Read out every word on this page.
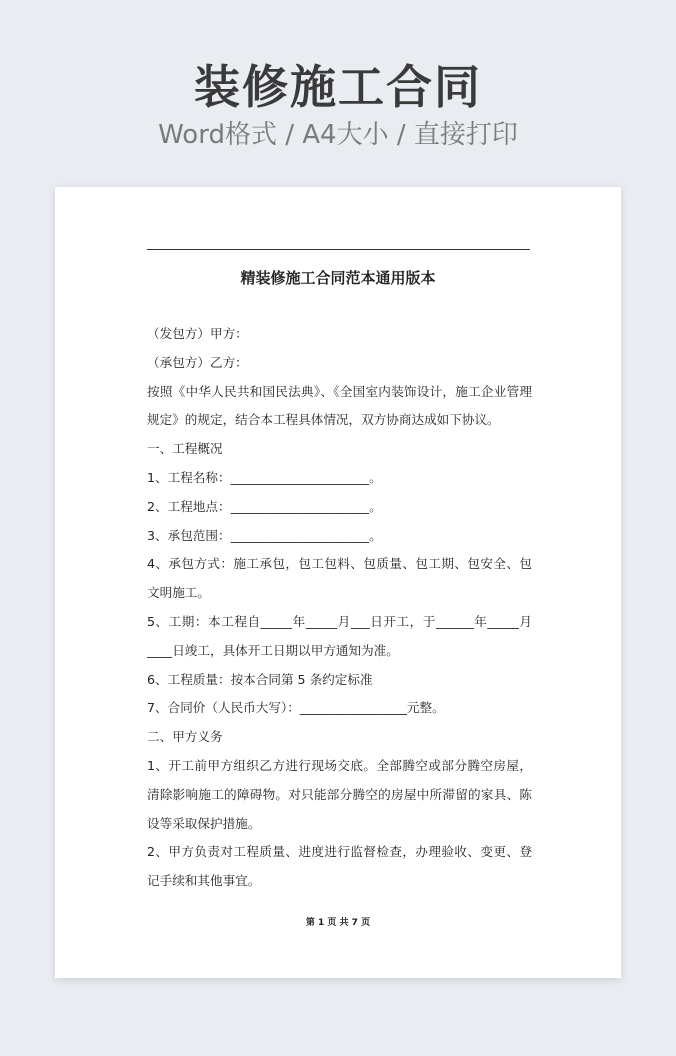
装修施工合同
Word格式 / A4大小 / 直接打印
精装修施工合同范本通用版本
（发包方）甲方：
（承包方）乙方：
按照《中华人民共和国民法典》、《全国室内装饰设计，施工企业管理
规定》的规定，结合本工程具体情况，双方协商达成如下协议。
一、工程概况
1、工程名称：______________________。
2、工程地点：______________________。
3、承包范围：______________________。
4、承包方式：施工承包，包工包料、包质量、包工期、包安全、包
文明施工。
5、工期：本工程自_____年_____月___日开工，于______年_____月
____日竣工，具体开工日期以甲方通知为准。
6、工程质量：按本合同第 5 条约定标准
7、合同价（人民币大写）：_________________元整。
二、甲方义务
1、开工前甲方组织乙方进行现场交底。全部腾空或部分腾空房屋，
清除影响施工的障碍物。对只能部分腾空的房屋中所滞留的家具、陈
设等采取保护措施。
2、甲方负责对工程质量、进度进行监督检查，办理验收、变更、登
记手续和其他事宜。
第 1 页 共 7 页
